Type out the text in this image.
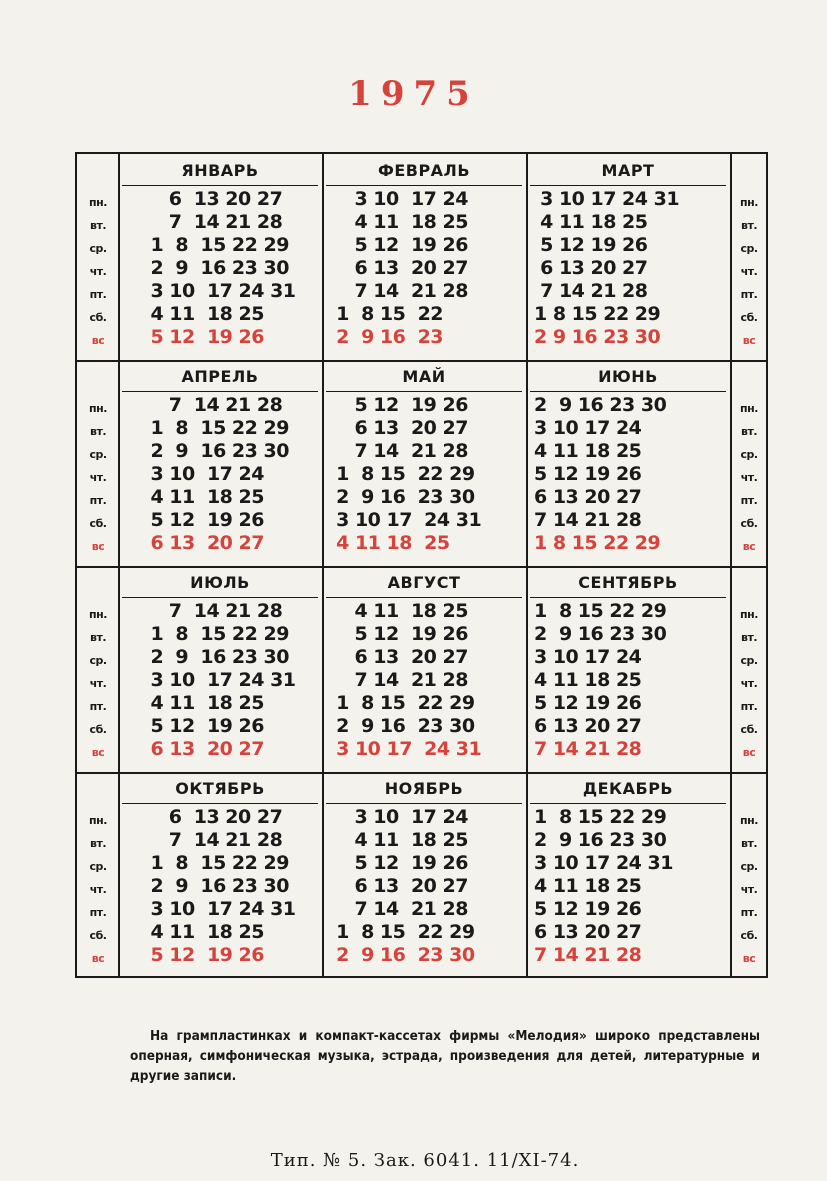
1975
пн.
вт.
ср.
чт.
пт.
сб.
вс
пн.
вт.
ср.
чт.
пт.
сб.
вс
пн.
вт.
ср.
чт.
пт.
сб.
вс
пн.
вт.
ср.
чт.
пт.
сб.
вс
пн.
вт.
ср.
чт.
пт.
сб.
вс
пн.
вт.
ср.
чт.
пт.
сб.
вс
пн.
вт.
ср.
чт.
пт.
сб.
вс
пн.
вт.
ср.
чт.
пт.
сб.
вс
ЯНВАРЬ
6  13 20 27
7  14 21 28
1  8  15 22 29
2  9  16 23 30
3 10  17 24 31
4 11  18 25
5 12  19 26
ФЕВРАЛЬ
3 10  17 24
4 11  18 25
5 12  19 26
6 13  20 27
7 14  21 28
1  8 15  22
2  9 16  23
МАРТ
3 10 17 24 31
4 11 18 25
5 12 19 26
6 13 20 27
7 14 21 28
1 8 15 22 29
2 9 16 23 30
АПРЕЛЬ
7  14 21 28
1  8  15 22 29
2  9  16 23 30
3 10  17 24
4 11  18 25
5 12  19 26
6 13  20 27
МАЙ
5 12  19 26
6 13  20 27
7 14  21 28
1  8 15  22 29
2  9 16  23 30
3 10 17  24 31
4 11 18  25
ИЮНЬ
2  9 16 23 30
3 10 17 24
4 11 18 25
5 12 19 26
6 13 20 27
7 14 21 28
1 8 15 22 29
ИЮЛЬ
7  14 21 28
1  8  15 22 29
2  9  16 23 30
3 10  17 24 31
4 11  18 25
5 12  19 26
6 13  20 27
АВГУСТ
4 11  18 25
5 12  19 26
6 13  20 27
7 14  21 28
1  8 15  22 29
2  9 16  23 30
3 10 17  24 31
СЕНТЯБРЬ
1  8 15 22 29
2  9 16 23 30
3 10 17 24
4 11 18 25
5 12 19 26
6 13 20 27
7 14 21 28
ОКТЯБРЬ
6  13 20 27
7  14 21 28
1  8  15 22 29
2  9  16 23 30
3 10  17 24 31
4 11  18 25
5 12  19 26
НОЯБРЬ
3 10  17 24
4 11  18 25
5 12  19 26
6 13  20 27
7 14  21 28
1  8 15  22 29
2  9 16  23 30
ДЕКАБРЬ
1  8 15 22 29
2  9 16 23 30
3 10 17 24 31
4 11 18 25
5 12 19 26
6 13 20 27
7 14 21 28
На грампластинках и компакт-кассетах фирмы «Мелодия» широко представлены оперная, симфоническая музыка, эстрада, произведения для детей, литературные и другие записи.
Тип. № 5. Зак. 6041. 11/XI-74.
